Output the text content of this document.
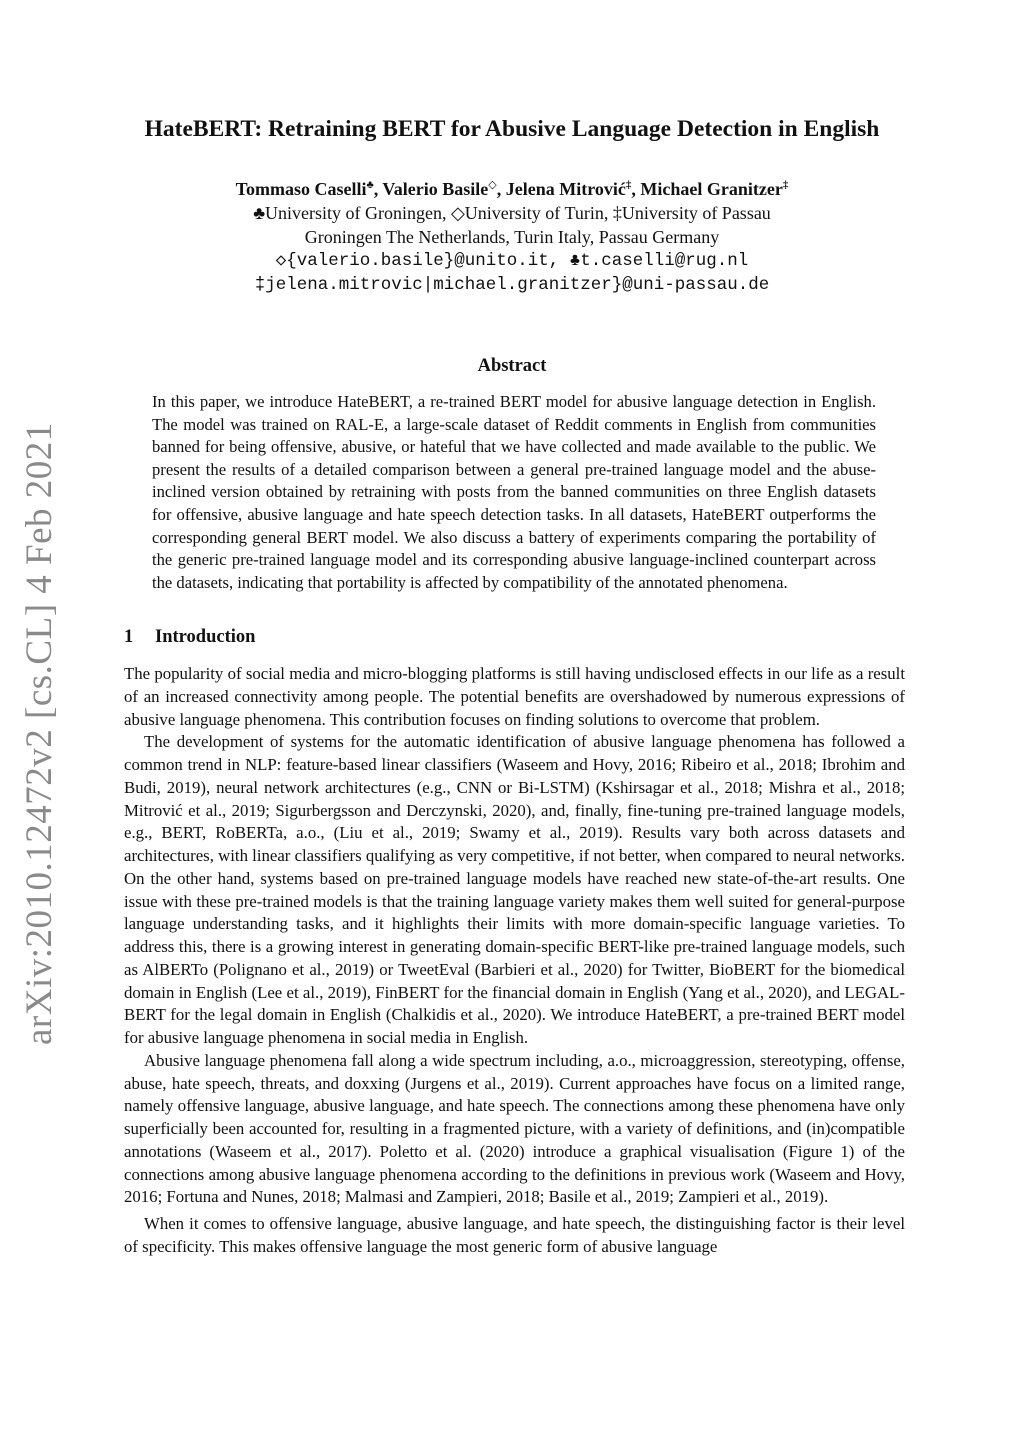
arXiv:2010.12472v2 [cs.CL] 4 Feb 2021
HateBERT: Retraining BERT for Abusive Language Detection in English
Tommaso Caselli♣, Valerio Basile◇, Jelena Mitrović‡, Michael Granitzer‡
♣University of Groningen, ◇University of Turin, ‡University of Passau
Groningen The Netherlands, Turin Italy, Passau Germany
◇{valerio.basile}@unito.it, ♣t.caselli@rug.nl
‡jelena.mitrovic|michael.granitzer}@uni-passau.de
Abstract
In this paper, we introduce HateBERT, a re-trained BERT model for abusive language detection in English. The model was trained on RAL-E, a large-scale dataset of Reddit comments in English from communities banned for being offensive, abusive, or hateful that we have collected and made available to the public. We present the results of a detailed comparison between a general pre-trained language model and the abuse-inclined version obtained by retraining with posts from the banned communities on three English datasets for offensive, abusive language and hate speech detection tasks. In all datasets, HateBERT outperforms the corresponding general BERT model. We also discuss a battery of experiments comparing the portability of the generic pre-trained language model and its corresponding abusive language-inclined counterpart across the datasets, indicating that portability is affected by compatibility of the annotated phenomena.
1 Introduction

The popularity of social media and micro-blogging platforms is still having undisclosed effects in our life as a result of an increased connectivity among people. The potential benefits are overshadowed by numerous expressions of abusive language phenomena. This contribution focuses on finding solutions to overcome that problem.

The development of systems for the automatic identification of abusive language phenomena has followed a common trend in NLP: feature-based linear classifiers (Waseem and Hovy, 2016; Ribeiro et al., 2018; Ibrohim and Budi, 2019), neural network architectures (e.g., CNN or Bi-LSTM) (Kshirsagar et al., 2018; Mishra et al., 2018; Mitrović et al., 2019; Sigurbergsson and Derczynski, 2020), and, finally, fine-tuning pre-trained language models, e.g., BERT, RoBERTa, a.o., (Liu et al., 2019; Swamy et al., 2019). Results vary both across datasets and architectures, with linear classifiers qualifying as very competitive, if not better, when compared to neural networks. On the other hand, systems based on pre-trained language models have reached new state-of-the-art results. One issue with these pre-trained models is that the training language variety makes them well suited for general-purpose language understanding tasks, and it highlights their limits with more domain-specific language varieties. To address this, there is a growing interest in generating domain-specific BERT-like pre-trained language models, such as AlBERTo (Polignano et al., 2019) or TweetEval (Barbieri et al., 2020) for Twitter, BioBERT for the biomedical domain in English (Lee et al., 2019), FinBERT for the financial domain in English (Yang et al., 2020), and LEGAL-BERT for the legal domain in English (Chalkidis et al., 2020). We introduce HateBERT, a pre-trained BERT model for abusive language phenomena in social media in English.

Abusive language phenomena fall along a wide spectrum including, a.o., microaggression, stereotyping, offense, abuse, hate speech, threats, and doxxing (Jurgens et al., 2019). Current approaches have focus on a limited range, namely offensive language, abusive language, and hate speech. The connections among these phenomena have only superficially been accounted for, resulting in a fragmented picture, with a variety of definitions, and (in)compatible annotations (Waseem et al., 2017). Poletto et al. (2020) introduce a graphical visualisation (Figure 1) of the connections among abusive language phenomena according to the definitions in previous work (Waseem and Hovy, 2016; Fortuna and Nunes, 2018; Malmasi and Zampieri, 2018; Basile et al., 2019; Zampieri et al., 2019).

When it comes to offensive language, abusive language, and hate speech, the distinguishing factor is their level of specificity. This makes offensive language the most generic form of abusive language
